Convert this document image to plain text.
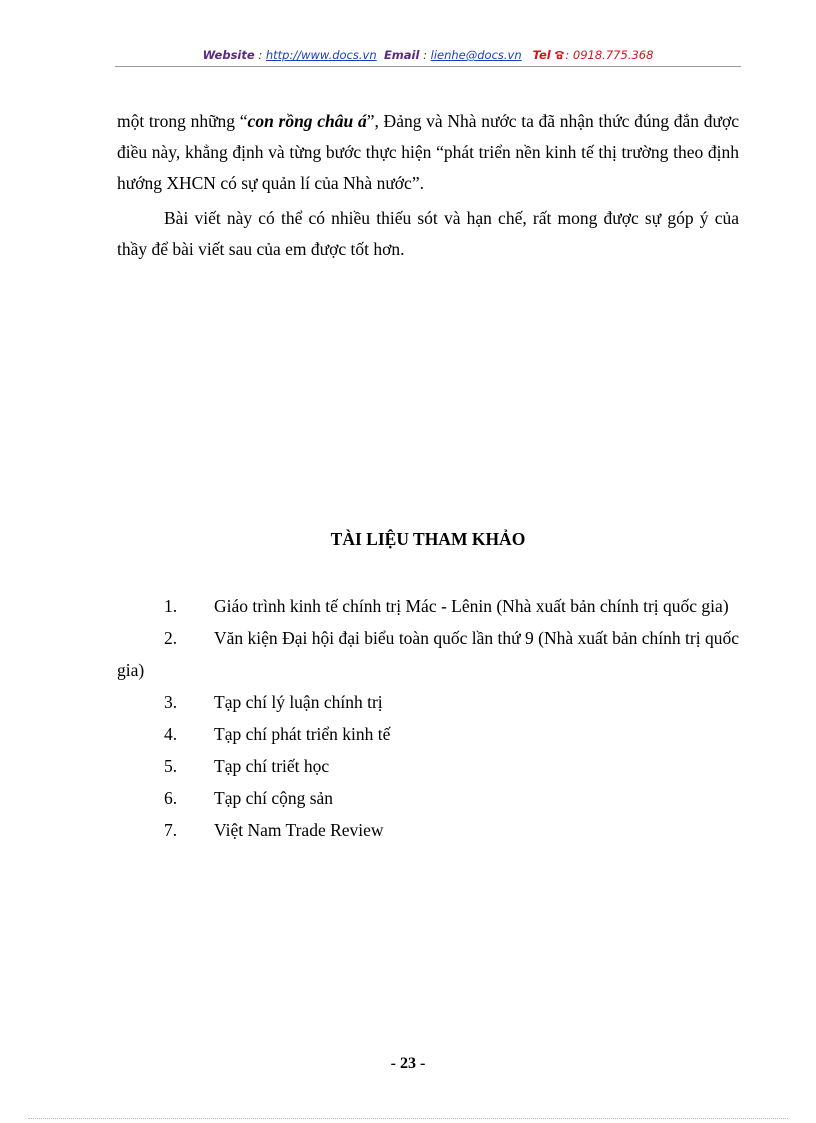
Website : http://www.docs.vn Email : lienhe@docs.vn Tel : 0918.775.368

một trong những “con rồng châu á”, Đảng và Nhà nước ta đã nhận thức đúng đắn được điều này, khẳng định và từng bước thực hiện “phát triển nền kinh tế thị trường theo định hướng XHCN có sự quản lí của Nhà nước”.

Bài viết này có thể có nhiều thiếu sót và hạn chế, rất mong được sự góp ý của thầy để bài viết sau của em được tốt hơn.

TÀI LIỆU THAM KHẢO
1. Giáo trình kinh tế chính trị Mác - Lênin (Nhà xuất bản chính trị quốc gia)
2. Văn kiện Đại hội đại biểu toàn quốc lần thứ 9 (Nhà xuất bản chính trị quốc gia)
3. Tạp chí lý luận chính trị
4. Tạp chí phát triển kinh tế
5. Tạp chí triết học
6. Tạp chí cộng sản
7. Việt Nam Trade Review
- 23 -
